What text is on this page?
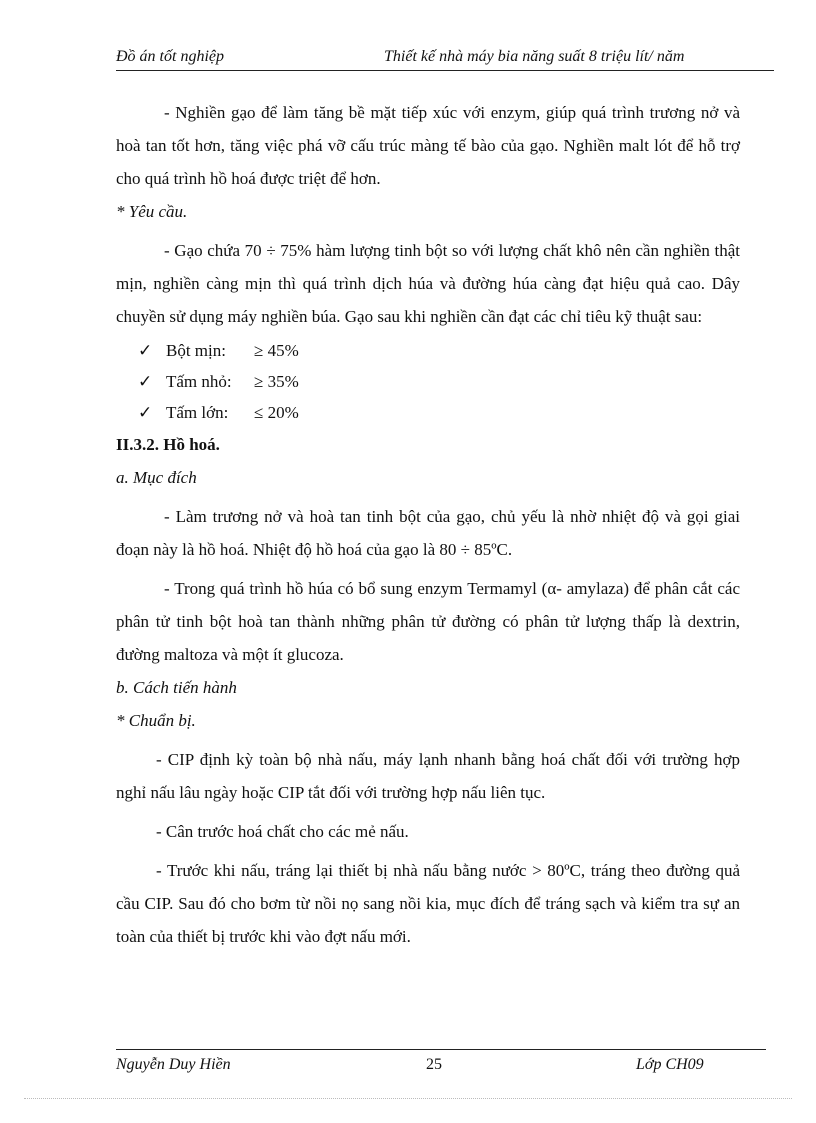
Đồ án tốt nghiệp	Thiết kế nhà máy bia năng suất 8 triệu lít/ năm

- Nghiền gạo để làm tăng bề mặt tiếp xúc với enzym, giúp quá trình trương nở và hoà tan tốt hơn, tăng việc phá vỡ cấu trúc màng tế bào của gạo. Nghiền malt lót để hỗ trợ cho quá trình hồ hoá được triệt để hơn.

* Yêu cầu.

- Gạo chứa 70 ÷ 75% hàm lượng tinh bột so với lượng chất khô nên cần nghiền thật mịn, nghiền càng mịn thì quá trình dịch húa và đường húa càng đạt hiệu quả cao. Dây chuyền sử dụng máy nghiền búa. Gạo sau khi nghiền cần đạt các chỉ tiêu kỹ thuật sau:

✓ Bột mịn:	≥ 45%
✓ Tấm nhỏ:	≥ 35%
✓ Tấm lớn:	≤ 20%

II.3.2. Hồ hoá.

a. Mục đích

- Làm trương nở và hoà tan tinh bột của gạo, chủ yếu là nhờ nhiệt độ và gọi giai đoạn này là hồ hoá. Nhiệt độ hồ hoá của gạo là 80 ÷ 85ºC.

- Trong quá trình hồ húa có bổ sung enzym Termamyl (α- amylaza) để phân cắt các phân tử tinh bột hoà tan thành những phân tử đường có phân tử lượng thấp là dextrin, đường maltoza và một ít glucoza.

b. Cách tiến hành

* Chuẩn bị.

- CIP định kỳ toàn bộ nhà nấu, máy lạnh nhanh bằng hoá chất đối với trường hợp nghỉ nấu lâu ngày hoặc CIP tắt đối với trường hợp nấu liên tục.

- Cân trước hoá chất cho các mẻ nấu.

- Trước khi nấu, tráng lại thiết bị nhà nấu bằng nước > 80ºC, tráng theo đường quả cầu CIP. Sau đó cho bơm từ nồi nọ sang nồi kia, mục đích để tráng sạch và kiểm tra sự an toàn của thiết bị trước khi vào đợt nấu mới.

Nguyễn Duy Hiền	25	Lớp CH09
